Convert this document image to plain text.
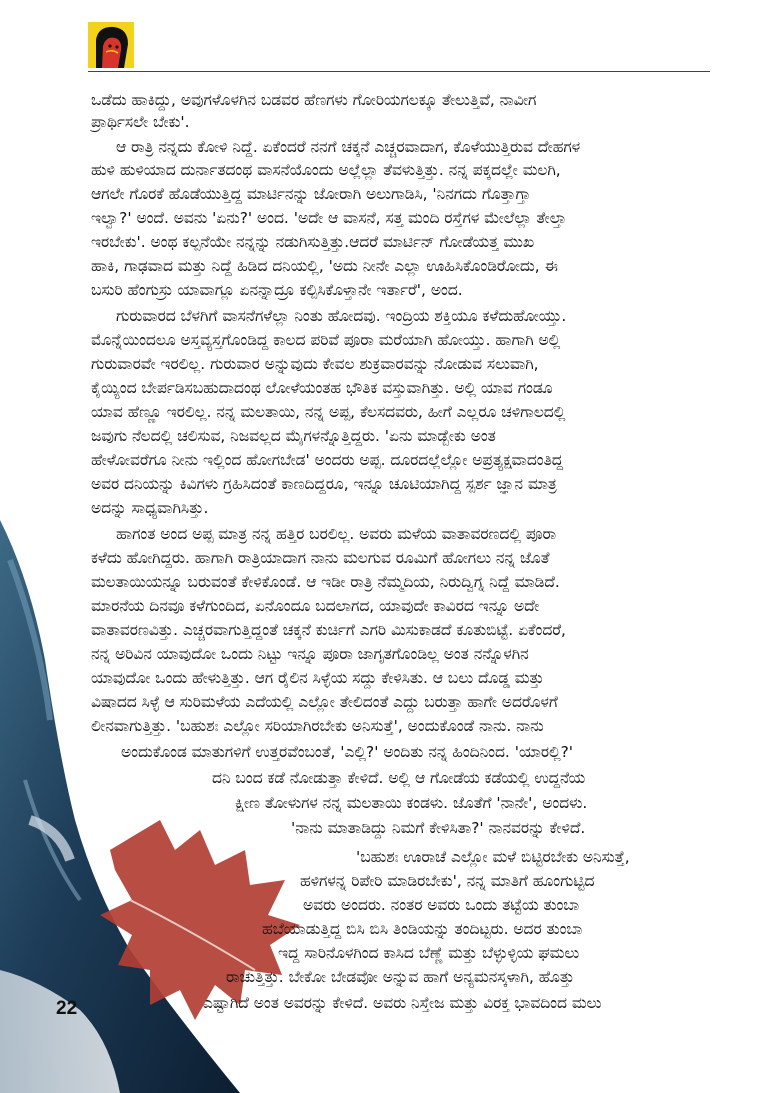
22
ಒಡೆದು ಹಾಕಿದ್ದು, ಅವುಗಳೊಳಗಿನ ಬಡವರ ಹೆಣಗಳು ಗೋರಿಯಗಲಕ್ಕೂ ತೇಲುತ್ತಿವೆ, ನಾವೀಗ
ಪ್ರಾರ್ಥಿಸಲೇ ಬೇಕು'.
ಆ ರಾತ್ರಿ ನನ್ನದು ಕೋಳಿ ನಿದ್ದೆ. ಏಕೆಂದರೆ ನನಗೆ ಚಕ್ಕನೆ ಎಚ್ಚರವಾದಾಗ, ಕೊಳೆಯುತ್ತಿರುವ ದೇಹಗಳ
ಹುಳಿ ಹುಳಿಯಾದ ದುರ್ನಾತದಂಥ ವಾಸನೆಯೊಂದು ಅಲ್ಲೆಲ್ಲಾ ತೆವಳುತ್ತಿತ್ತು. ನನ್ನ ಪಕ್ಕದಲ್ಲೇ ಮಲಗಿ,
ಆಗಲೇ ಗೊರಕೆ ಹೊಡೆಯುತ್ತಿದ್ದ ಮಾರ್ಟಿನನ್ನು ಜೋರಾಗಿ ಅಲುಗಾಡಿಸಿ, 'ನಿನಗದು ಗೊತ್ತಾಗ್ತಾ
ಇಲ್ವಾ?' ಅಂದೆ. ಅವನು 'ಏನು?' ಅಂದ. 'ಅದೇ ಆ ವಾಸನೆ, ಸತ್ತ ಮಂದಿ ರಸ್ತೆಗಳ ಮೇಲೆಲ್ಲಾ ತೇಲ್ತಾ
ಇರಬೇಕು'. ಅಂಥ ಕಲ್ಪನೆಯೇ ನನ್ನನ್ನು ನಡುಗಿಸುತ್ತಿತ್ತು.ಆದರೆ ಮಾರ್ಟಿನ್ ಗೋಡೆಯತ್ತ ಮುಖ
ಹಾಕಿ, ಗಾಢವಾದ ಮತ್ತು ನಿದ್ದೆ ಹಿಡಿದ ದನಿಯಲ್ಲಿ, 'ಅದು ನೀನೇ ಎಲ್ಲಾ ಊಹಿಸಿಕೊಂಡಿರೋದು, ಈ
ಬಸುರಿ ಹೆಂಗುಸ್ರು ಯಾವಾಗ್ಲೂ ಏನನ್ನಾದ್ರೂ ಕಲ್ಪಿಸಿಕೊಳ್ತಾನೇ ಇರ್ತಾರೆ', ಅಂದ.
ಗುರುವಾರದ ಬೆಳಗಿಗೆ ವಾಸನೆಗಳೆಲ್ಲಾ ನಿಂತು ಹೋದವು. ಇಂದ್ರಿಯ ಶಕ್ತಿಯೂ ಕಳೆದುಹೋಯ್ತು.
ಮೊನ್ನೆಯಿಂದಲೂ ಅಸ್ತವ್ಯಸ್ತಗೊಂಡಿದ್ದ ಕಾಲದ ಪರಿವೆ ಪೂರಾ ಮರೆಯಾಗಿ ಹೋಯ್ತು. ಹಾಗಾಗಿ ಅಲ್ಲಿ
ಗುರುವಾರವೇ ಇರಲಿಲ್ಲ. ಗುರುವಾರ ಅನ್ನುವುದು ಕೇವಲ ಶುಕ್ರವಾರವನ್ನು ನೋಡುವ ಸಲುವಾಗಿ,
ಕೈಯ್ಯಿಂದ ಬೇರ್ಪಡಿಸಬಹುದಾದಂಥ ಲೋಳೆಯಂತಹ ಭೌತಿಕ ವಸ್ತುವಾಗಿತ್ತು. ಅಲ್ಲಿ ಯಾವ ಗಂಡೂ
ಯಾವ ಹೆಣ್ಣೂ ಇರಲಿಲ್ಲ. ನನ್ನ ಮಲತಾಯಿ, ನನ್ನ ಅಪ್ಪ, ಕೆಲಸದವರು, ಹೀಗೆ ಎಲ್ಲರೂ ಚಳಿಗಾಲದಲ್ಲಿ
ಜವುಗು ನೆಲದಲ್ಲಿ ಚಲಿಸುವ, ನಿಜವಲ್ಲದ ಮೈಗಳನ್ನೊತ್ತಿದ್ದರು. 'ಏನು ಮಾಡ್ಬೇಕು ಅಂತ
ಹೇಳೋವರೆಗೂ ನೀನು ಇಲ್ಲಿಂದ ಹೋಗಬೇಡ' ಅಂದರು ಅಪ್ಪ. ದೂರದಲ್ಲೆಲ್ಲೋ ಅಪ್ರತ್ಯಕ್ಷವಾದಂತಿದ್ದ
ಅವರ ದನಿಯನ್ನು ಕಿವಿಗಳು ಗ್ರಹಿಸಿದಂತೆ ಕಾಣದಿದ್ದರೂ, ಇನ್ನೂ ಚೂಟಿಯಾಗಿದ್ದ ಸ್ಪರ್ಶ ಜ್ಞಾನ ಮಾತ್ರ
ಅದನ್ನು ಸಾಧ್ಯವಾಗಿಸಿತ್ತು.
ಹಾಗಂತ ಅಂದ ಅಪ್ಪ ಮಾತ್ರ ನನ್ನ ಹತ್ತಿರ ಬರಲಿಲ್ಲ. ಅವರು ಮಳೆಯ ವಾತಾವರಣದಲ್ಲಿ ಪೂರಾ
ಕಳೆದು ಹೋಗಿದ್ದರು. ಹಾಗಾಗಿ ರಾತ್ರಿಯಾದಾಗ ನಾನು ಮಲಗುವ ರೂಮಿಗೆ ಹೋಗಲು ನನ್ನ ಜೊತೆ
ಮಲತಾಯಿಯನ್ನೂ ಬರುವಂತೆ ಕೇಳಿಕೊಂಡೆ. ಆ ಇಡೀ ರಾತ್ರಿ ನೆಮ್ಮದಿಯ, ನಿರುದ್ವಿಗ್ನ ನಿದ್ದೆ ಮಾಡಿದೆ.
ಮಾರನೆಯ ದಿನವೂ ಕಳೆಗುಂದಿದ, ಏನೊಂದೂ ಬದಲಾಗದ, ಯಾವುದೇ ಕಾವಿರದ ಇನ್ನೂ ಅದೇ
ವಾತಾವರಣವಿತ್ತು. ಎಚ್ಚರವಾಗುತ್ತಿದ್ದಂತೆ ಚಕ್ಕನೆ ಕುರ್ಚಿಗೆ ಎಗರಿ ಮಿಸುಕಾಡದೆ ಕೂತುಬಿಟ್ಟೆ. ಏಕೆಂದರೆ,
ನನ್ನ ಅರಿವಿನ ಯಾವುದೋ ಒಂದು ನಿಟ್ಟು ಇನ್ನೂ ಪೂರಾ ಜಾಗೃತಗೊಂಡಿಲ್ಲ ಅಂತ ನನ್ನೊಳಗಿನ
ಯಾವುದೋ ಒಂದು ಹೇಳುತ್ತಿತ್ತು. ಆಗ ರೈಲಿನ ಸಿಳ್ಳೆಯ ಸದ್ದು ಕೇಳಿಸಿತು. ಆ ಬಲು ದೊಡ್ಡ ಮತ್ತು
ವಿಷಾದದ ಸಿಳ್ಳೆ ಆ ಸುರಿಮಳೆಯ ಎದೆಯಲ್ಲಿ ಎಲ್ಲೋ ತೇಲಿದಂತೆ ಎದ್ದು ಬರುತ್ತಾ ಹಾಗೇ ಅದರೊಳಗೆ
ಲೀನವಾಗುತ್ತಿತ್ತು. 'ಬಹುಶಃ ಎಲ್ಲೋ ಸರಿಯಾಗಿರಬೇಕು ಅನಿಸುತ್ತೆ', ಅಂದುಕೊಂಡೆ ನಾನು. ನಾನು
ಅಂದುಕೊಂಡ ಮಾತುಗಳಿಗೆ ಉತ್ತರವೆಂಬಂತೆ, 'ಎಲ್ಲಿ?' ಅಂದಿತು ನನ್ನ ಹಿಂದಿನಿಂದ. 'ಯಾರಲ್ಲಿ?'
ದನಿ ಬಂದ ಕಡೆ ನೋಡುತ್ತಾ ಕೇಳಿದೆ. ಅಲ್ಲಿ ಆ ಗೋಡೆಯ ಕಡೆಯಲ್ಲಿ ಉದ್ದನೆಯ
ಕ್ಷೀಣ ತೋಳುಗಳ ನನ್ನ ಮಲತಾಯಿ ಕಂಡಳು. ಜೊತೆಗೆ 'ನಾನೇ', ಅಂದಳು.
'ನಾನು ಮಾತಾಡಿದ್ದು ನಿಮಗೆ ಕೇಳಿಸಿತಾ?' ನಾನವರನ್ನು ಕೇಳಿದೆ.
'ಬಹುಶಃ ಊರಾಚೆ ಎಲ್ಲೋ ಮಳೆ ಬಿಟ್ಟಿರಬೇಕು ಅನಿಸುತ್ತೆ,
ಹಳಿಗಳನ್ನ ರಿಪೇರಿ ಮಾಡಿರಬೇಕು', ನನ್ನ ಮಾತಿಗೆ ಹೂಂಗುಟ್ಟಿದ
ಅವರು ಅಂದರು. ನಂತರ ಅವರು ಒಂದು ತಟ್ಟೆಯ ತುಂಬಾ
ಹಬೆಯಾಡುತ್ತಿದ್ದ ಬಿಸಿ ಬಿಸಿ ತಿಂಡಿಯನ್ನು ತಂದಿಟ್ಟರು. ಅದರ ತುಂಬಾ
ಇದ್ದ ಸಾರಿನೊಳಗಿಂದ ಕಾಸಿದ ಬೆಣ್ಣೆ ಮತ್ತು ಬೆಳ್ಳುಳ್ಳಿಯ ಘಮಲು
ರಾಚುತ್ತಿತ್ತು. ಬೇಕೋ ಬೇಡವೋ ಅನ್ನುವ ಹಾಗೆ ಅನ್ಯಮನಸ್ಕಳಾಗಿ, ಹೊತ್ತು
ಎಷ್ಟಾಗಿದೆ ಅಂತ ಅವರನ್ನು ಕೇಳಿದೆ. ಅವರು ನಿಸ್ತೇಜ ಮತ್ತು ವಿರಕ್ತ ಭಾವದಿಂದ ಮಲು
